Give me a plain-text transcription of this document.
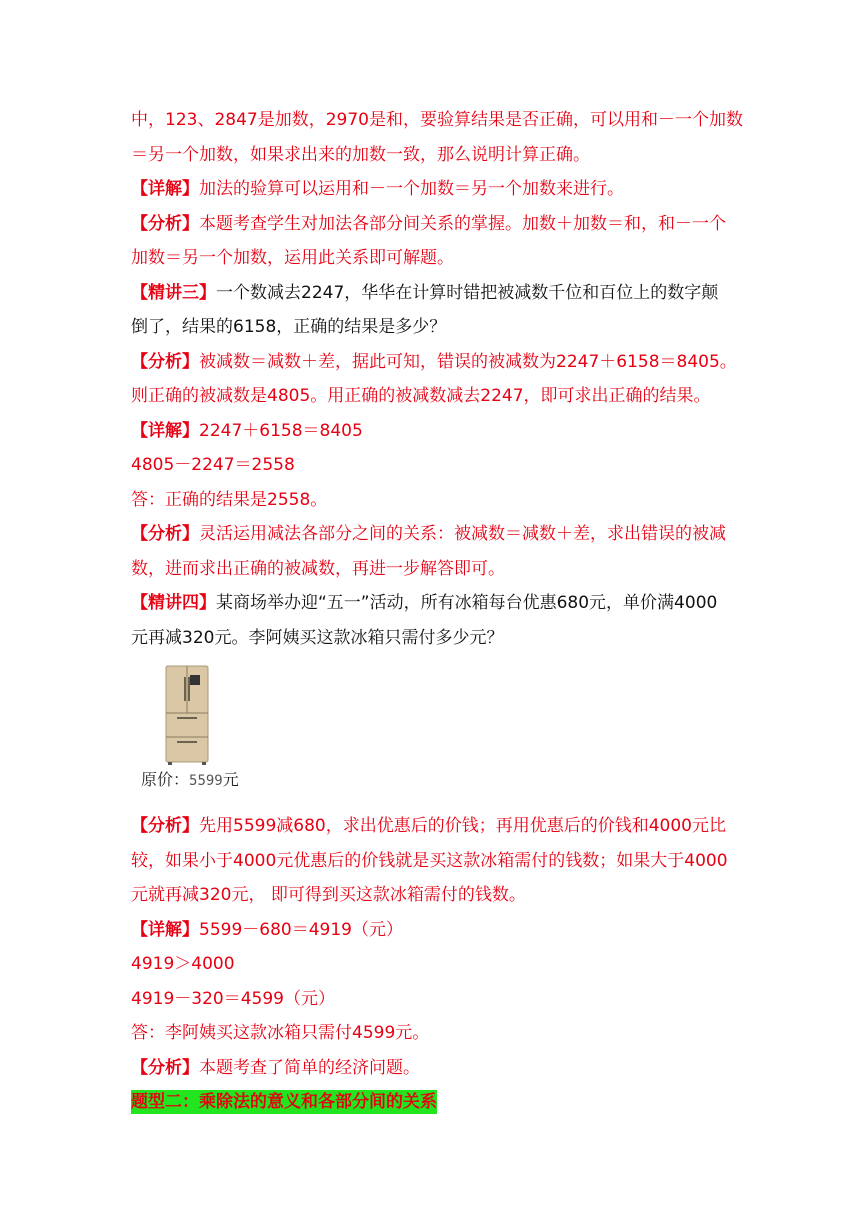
中，123、2847是加数，2970是和，要验算结果是否正确，可以用和－一个加数
＝另一个加数，如果求出来的加数一致，那么说明计算正确。
【详解】加法的验算可以运用和－一个加数＝另一个加数来进行。
【分析】本题考查学生对加法各部分间关系的掌握。加数＋加数＝和，和－一个
加数＝另一个加数，运用此关系即可解题。
【精讲三】一个数减去2247，华华在计算时错把被减数千位和百位上的数字颠
倒了，结果的6158，正确的结果是多少？
【分析】被减数＝减数＋差，据此可知，错误的被减数为2247＋6158＝8405。
则正确的被减数是4805。用正确的被减数减去2247，即可求出正确的结果。
【详解】2247＋6158＝8405
4805－2247＝2558
答：正确的结果是2558。
【分析】灵活运用减法各部分之间的关系：被减数＝减数＋差，求出错误的被减
数，进而求出正确的被减数，再进一步解答即可。
【精讲四】某商场举办迎“五一”活动，所有冰箱每台优惠680元，单价满4000
元再减320元。李阿姨买这款冰箱只需付多少元？
原价：5599元
【分析】先用5599减680，求出优惠后的价钱；再用优惠后的价钱和4000元比
较，如果小于4000元优惠后的价钱就是买这款冰箱需付的钱数；如果大于4000
元就再减320元， 即可得到买这款冰箱需付的钱数。
【详解】5599－680＝4919（元）
4919＞4000
4919－320＝4599（元）
答：李阿姨买这款冰箱只需付4599元。
【分析】本题考查了简单的经济问题。
题型二：乘除法的意义和各部分间的关系
